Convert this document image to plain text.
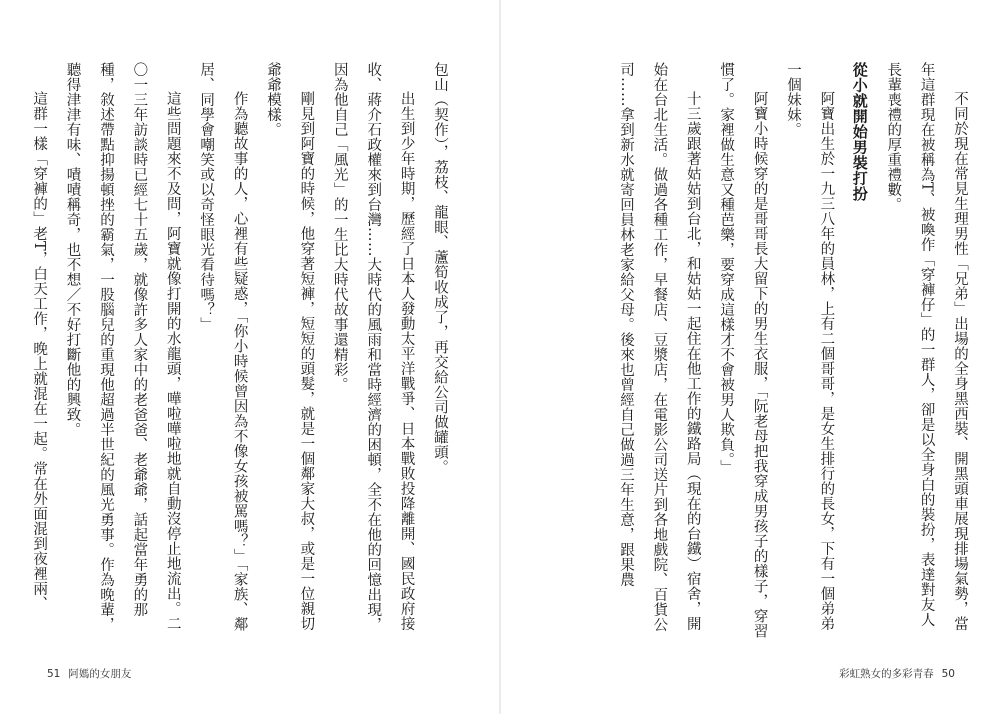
包山（契作），荔枝、龍眼、蘆筍收成了，再交給公司做罐頭。

出生到少年時期，歷經了日本人發動太平洋戰爭、日本戰敗投降離開、國民政府接收、蔣介石政權來到台灣……大時代的風雨和當時經濟的困頓，全不在他的回憶出現，因為他自己「風光」的一生比大時代故事還精彩。

剛見到阿寶的時候，他穿著短褲，短短的頭髮，就是一個鄰家大叔，或是一位親切爺爺模樣。

作為聽故事的人，心裡有些疑惑，「你小時候曾因為不像女孩被罵嗎？」「家族、鄰居、同學會嘲笑或以奇怪眼光看待嗎？」

這些問題來不及問，阿寶就像打開的水龍頭，嘩啦嘩啦地就自動沒停止地流出。二〇一三年訪談時已經七十五歲，就像許多人家中的老爸爸、老爺爺，話起當年勇的那種，敘述帶點抑揚頓挫的霸氣，一股腦兒的重現他超過半世紀的風光勇事。作為晚輩，聽得津津有味、嘖嘖稱奇，也不想／不好打斷他的興致。

這群一樣「穿褲的」老T，白天工作，晚上就混在一起。常在外面混到夜裡兩、

51 阿媽的女朋友

不同於現在常見生理男性「兄弟」出場的全身黑西裝、開黑頭車展現排場氣勢，當年這群現在被稱為T、被喚作「穿褲仔」的一群人，卻是以全身白的裝扮，表達對友人長輩喪禮的厚重禮數。

從小就開始男裝打扮

阿寶出生於一九三八年的員林，上有二個哥哥，是女生排行的長女，下有一個弟弟一個妹妹。

阿寶小時候穿的是哥哥長大留下的男生衣服，「阮老母把我穿成男孩子的樣子，穿習慣了。家裡做生意又種芭樂，要穿成這樣才不會被男人欺負。」

十三歲跟著姑姑到台北，和姑姑一起住在他工作的鐵路局（現在的台鐵）宿舍，開始在台北生活。做過各種工作，早餐店、豆漿店，在電影公司送片到各地戲院、百貨公司……拿到新水就寄回員林老家給父母。後來也曾經自己做過三年生意，跟果農

彩虹熟女的多彩青春 50
